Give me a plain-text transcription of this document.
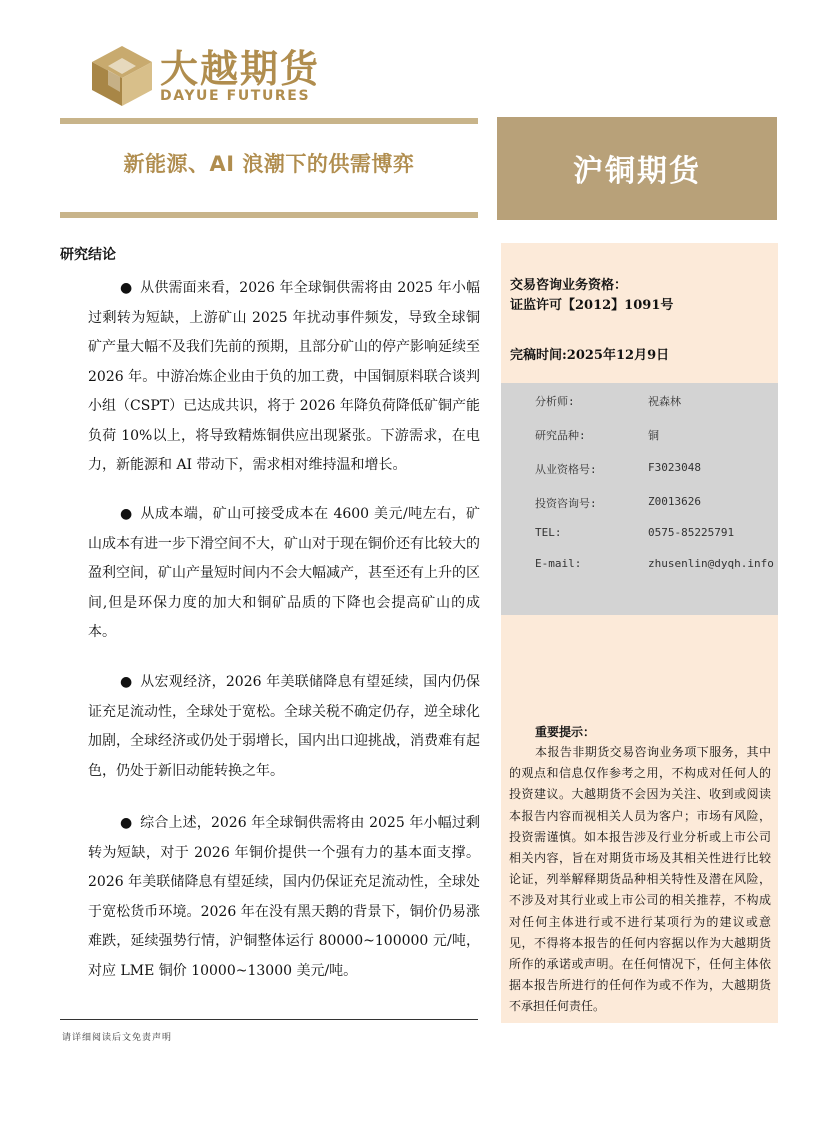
大越期货
DAYUE FUTURES
新能源、AI 浪潮下的供需博弈	沪铜期货
研究结论
● 从供需面来看，2026 年全球铜供需将由 2025 年小幅过剩转为短缺，上游矿山 2025 年扰动事件频发，导致全球铜矿产量大幅不及我们先前的预期，且部分矿山的停产影响延续至 2026 年。中游冶炼企业由于负的加工费，中国铜原料联合谈判小组（CSPT）已达成共识，将于 2026 年降负荷降低矿铜产能负荷 10%以上，将导致精炼铜供应出现紧张。下游需求，在电力，新能源和 AI 带动下，需求相对维持温和增长。
● 从成本端，矿山可接受成本在 4600 美元/吨左右，矿山成本有进一步下滑空间不大，矿山对于现在铜价还有比较大的盈利空间，矿山产量短时间内不会大幅减产，甚至还有上升的区间,但是环保力度的加大和铜矿品质的下降也会提高矿山的成本。
● 从宏观经济，2026 年美联储降息有望延续，国内仍保证充足流动性，全球处于宽松。全球关税不确定仍存，逆全球化加剧，全球经济或仍处于弱增长，国内出口迎挑战，消费难有起色，仍处于新旧动能转换之年。
● 综合上述，2026 年全球铜供需将由 2025 年小幅过剩转为短缺，对于 2026 年铜价提供一个强有力的基本面支撑。2026 年美联储降息有望延续，国内仍保证充足流动性，全球处于宽松货币环境。2026 年在没有黑天鹅的背景下，铜价仍易涨难跌，延续强势行情，沪铜整体运行 80000~100000 元/吨，对应 LME 铜价 10000~13000 美元/吨。
请详细阅读后文免责声明
交易咨询业务资格：
证监许可【2012】1091号
完稿时间:2025年12月9日
分析师:	祝森林
研究品种:	铜
从业资格号:	F3023048
投资咨询号:	Z0013626
TEL:	0575-85225791
E-mail:	zhusenlin@dyqh.info
重要提示：
本报告非期货交易咨询业务项下服务，其中的观点和信息仅作参考之用，不构成对任何人的投资建议。大越期货不会因为关注、收到或阅读本报告内容而视相关人员为客户；市场有风险，投资需谨慎。如本报告涉及行业分析或上市公司相关内容，旨在对期货市场及其相关性进行比较论证，列举解释期货品种相关特性及潜在风险，不涉及对其行业或上市公司的相关推荐，不构成对任何主体进行或不进行某项行为的建议或意见，不得将本报告的任何内容据以作为大越期货所作的承诺或声明。在任何情况下，任何主体依据本报告所进行的任何作为或不作为，大越期货不承担任何责任。
